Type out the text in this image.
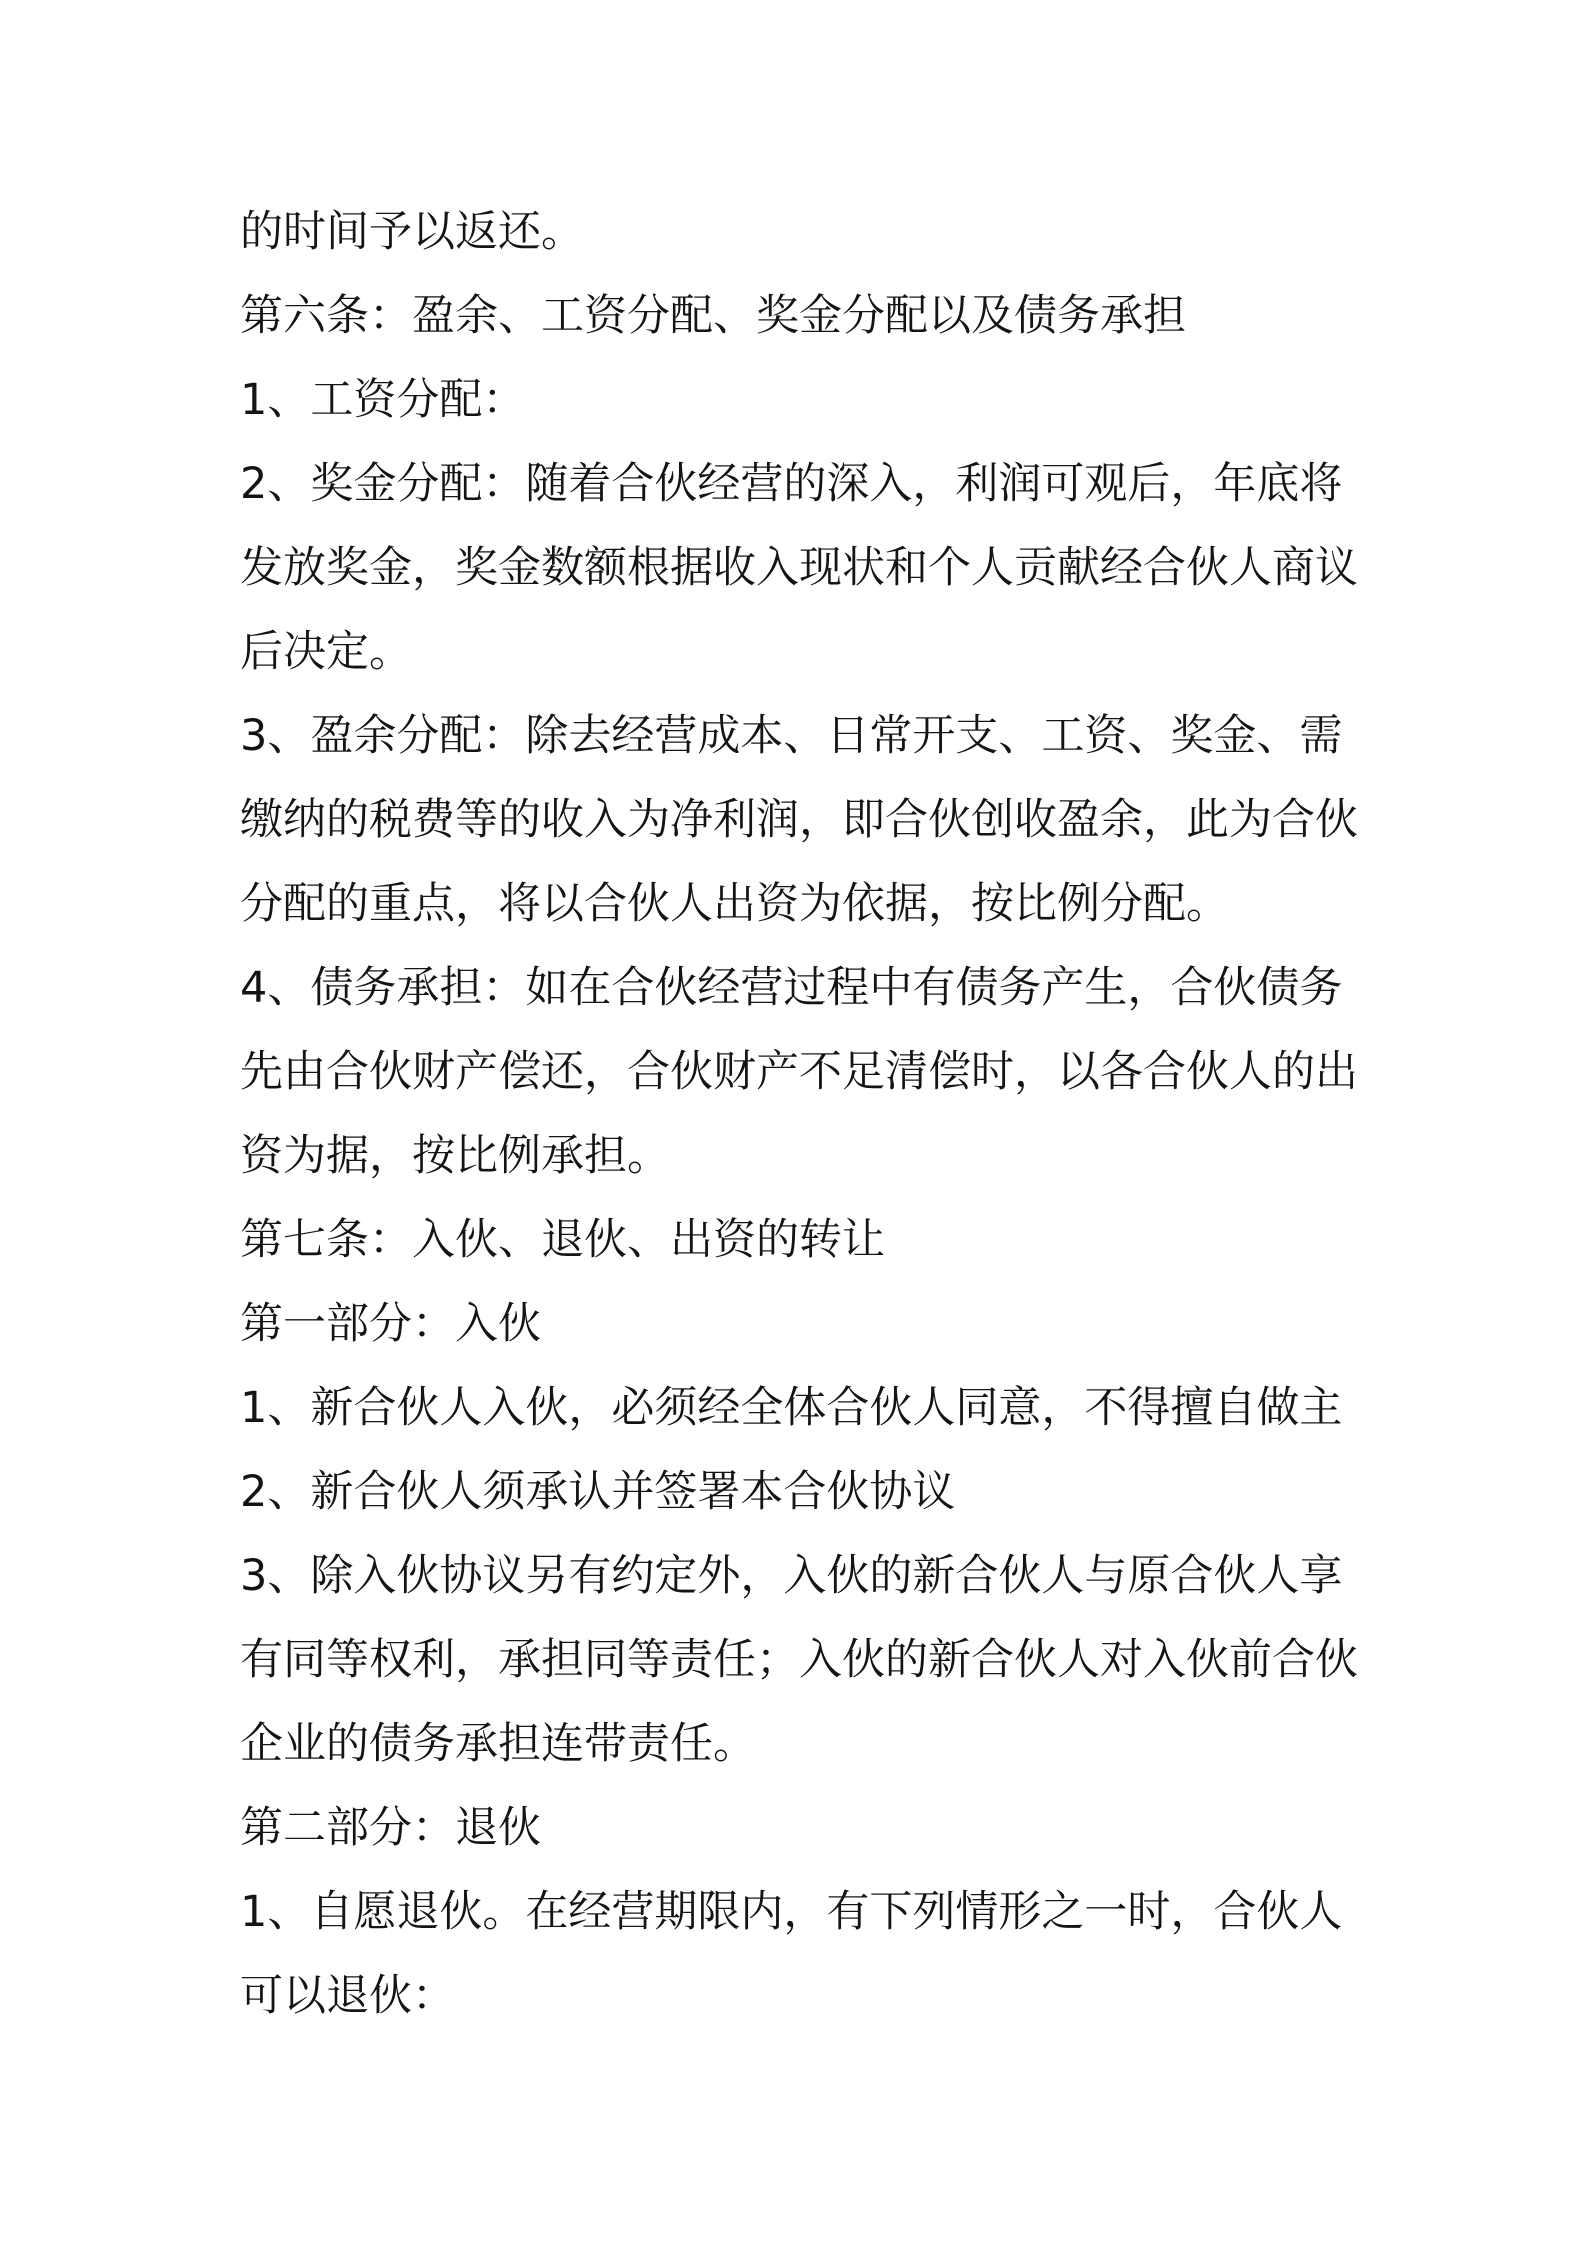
的时间予以返还。
第六条：盈余、工资分配、奖金分配以及债务承担
1、工资分配：
2、奖金分配：随着合伙经营的深入，利润可观后，年底将
发放奖金，奖金数额根据收入现状和个人贡献经合伙人商议
后决定。
3、盈余分配：除去经营成本、日常开支、工资、奖金、需
缴纳的税费等的收入为净利润，即合伙创收盈余，此为合伙
分配的重点，将以合伙人出资为依据，按比例分配。
4、债务承担：如在合伙经营过程中有债务产生，合伙债务
先由合伙财产偿还，合伙财产不足清偿时，以各合伙人的出
资为据，按比例承担。
第七条：入伙、退伙、出资的转让
第一部分：入伙
1、新合伙人入伙，必须经全体合伙人同意，不得擅自做主
2、新合伙人须承认并签署本合伙协议
3、除入伙协议另有约定外，入伙的新合伙人与原合伙人享
有同等权利，承担同等责任；入伙的新合伙人对入伙前合伙
企业的债务承担连带责任。
第二部分：退伙
1、自愿退伙。在经营期限内，有下列情形之一时，合伙人
可以退伙：
